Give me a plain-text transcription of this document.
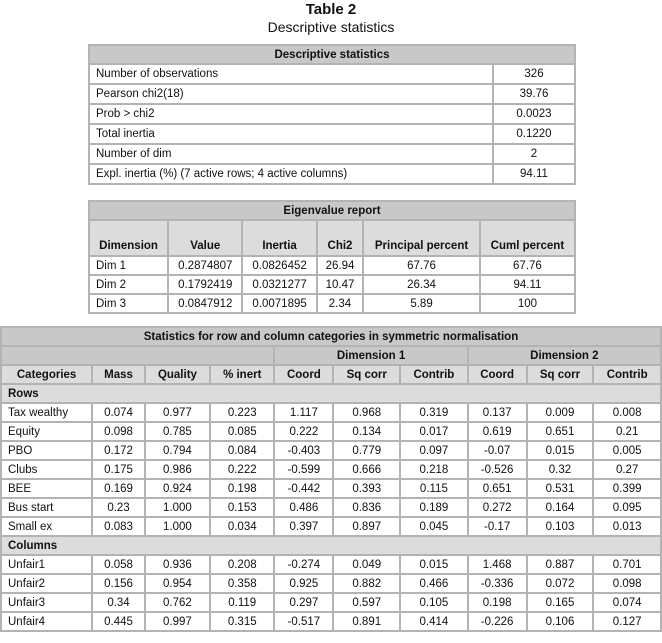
Table 2
Descriptive statistics
Descriptive statistics	
Number of observations	326
Pearson chi2(18)	39.76
Prob > chi2	0.0023
Total inertia	0.1220
Number of dim	2
Expl. inertia (%) (7 active rows; 4 active columns)	94.11
Eigenvalue report					
Dimension	Value	Inertia	Chi2	Principal percent	Cuml percent
Dim 1	0.2874807	0.0826452	26.94	67.76	67.76
Dim 2	0.1792419	0.0321277	10.47	26.34	94.11
Dim 3	0.0847912	0.0071895	2.34	5.89	100
Statistics for row and column categories in symmetric normalisation									
				Dimension 1			Dimension 2		
Categories	Mass	Quality	% inert	Coord	Sq corr	Contrib	Coord	Sq corr	Contrib
Rows									
Tax wealthy	0.074	0.977	0.223	1.117	0.968	0.319	0.137	0.009	0.008
Equity	0.098	0.785	0.085	0.222	0.134	0.017	0.619	0.651	0.21
PBO	0.172	0.794	0.084	-0.403	0.779	0.097	-0.07	0.015	0.005
Clubs	0.175	0.986	0.222	-0.599	0.666	0.218	-0.526	0.32	0.27
BEE	0.169	0.924	0.198	-0.442	0.393	0.115	0.651	0.531	0.399
Bus start	0.23	1.000	0.153	0.486	0.836	0.189	0.272	0.164	0.095
Small ex	0.083	1.000	0.034	0.397	0.897	0.045	-0.17	0.103	0.013
Columns									
Unfair1	0.058	0.936	0.208	-0.274	0.049	0.015	1.468	0.887	0.701
Unfair2	0.156	0.954	0.358	0.925	0.882	0.466	-0.336	0.072	0.098
Unfair3	0.34	0.762	0.119	0.297	0.597	0.105	0.198	0.165	0.074
Unfair4	0.445	0.997	0.315	-0.517	0.891	0.414	-0.226	0.106	0.127
